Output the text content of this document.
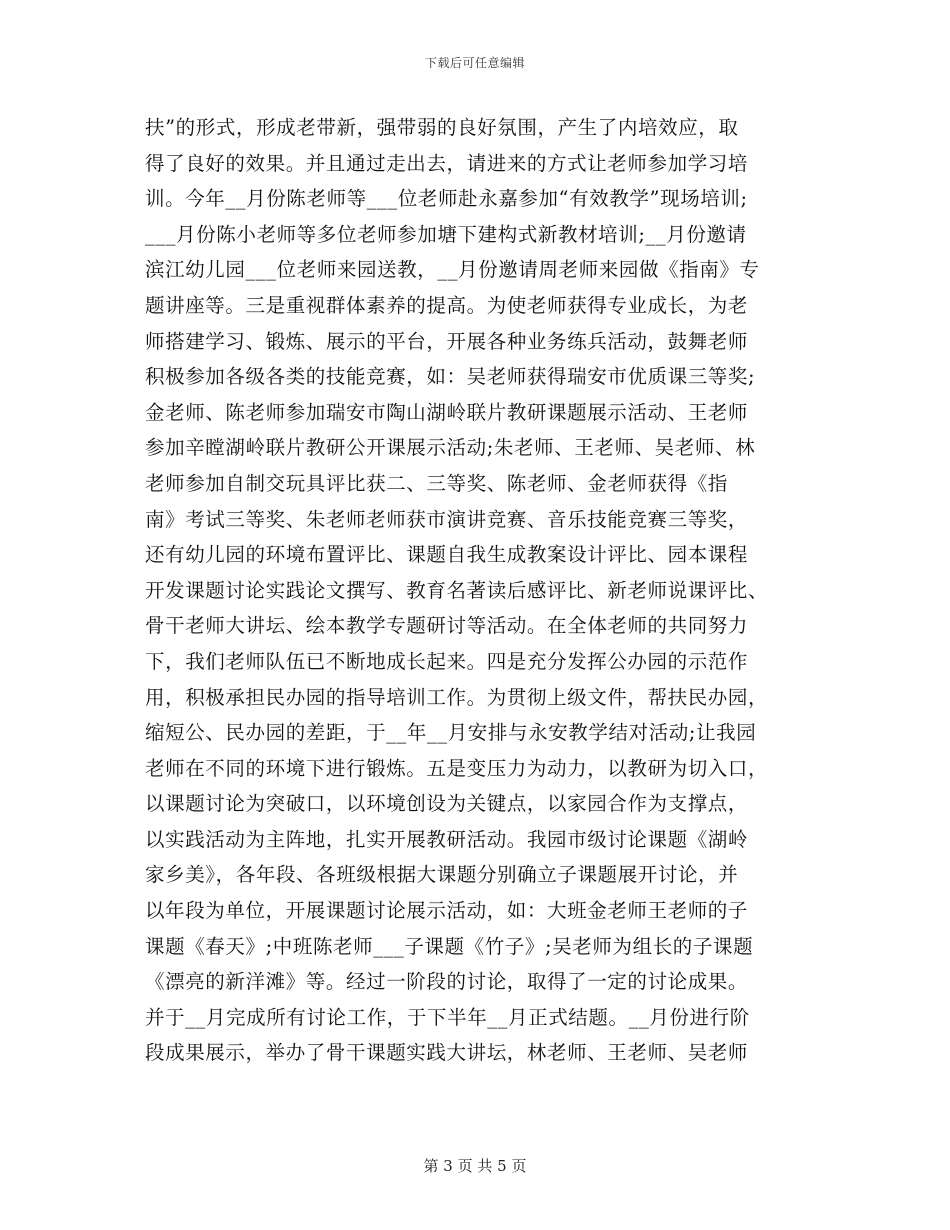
下载后可任意编辑
扶”的形式，形成老带新，强带弱的良好氛围，产生了内培效应，取
得了良好的效果。并且通过走出去，请进来的方式让老师参加学习培
训。今年__月份陈老师等___位老师赴永嘉参加“有效教学”现场培训;
___月份陈小老师等多位老师参加塘下建构式新教材培训;__月份邀请
滨江幼儿园___位老师来园送教，__月份邀请周老师来园做《指南》专
题讲座等。三是重视群体素养的提高。为使老师获得专业成长，为老
师搭建学习、锻炼、展示的平台，开展各种业务练兵活动，鼓舞老师
积极参加各级各类的技能竞赛，如：吴老师获得瑞安市优质课三等奖;
金老师、陈老师参加瑞安市陶山湖岭联片教研课题展示活动、王老师
参加辛瞠湖岭联片教研公开课展示活动;朱老师、王老师、吴老师、林
老师参加自制交玩具评比获二、三等奖、陈老师、金老师获得《指
南》考试三等奖、朱老师老师获市演讲竞赛、音乐技能竞赛三等奖，
还有幼儿园的环境布置评比、课题自我生成教案设计评比、园本课程
开发课题讨论实践论文撰写、教育名著读后感评比、新老师说课评比、
骨干老师大讲坛、绘本教学专题研讨等活动。在全体老师的共同努力
下，我们老师队伍已不断地成长起来。四是充分发挥公办园的示范作
用，积极承担民办园的指导培训工作。为贯彻上级文件，帮扶民办园，
缩短公、民办园的差距，于__年__月安排与永安教学结对活动;让我园
老师在不同的环境下进行锻炼。五是变压力为动力，以教研为切入口，
以课题讨论为突破口，以环境创设为关键点，以家园合作为支撑点，
以实践活动为主阵地，扎实开展教研活动。我园市级讨论课题《湖岭
家乡美》，各年段、各班级根据大课题分别确立子课题展开讨论，并
以年段为单位，开展课题讨论展示活动，如：大班金老师王老师的子
课题《春天》;中班陈老师___子课题《竹子》;吴老师为组长的子课题
《漂亮的新洋滩》等。经过一阶段的讨论，取得了一定的讨论成果。
并于__月完成所有讨论工作，于下半年__月正式结题。__月份进行阶
段成果展示，举办了骨干课题实践大讲坛，林老师、王老师、吴老师
第 3 页 共 5 页
